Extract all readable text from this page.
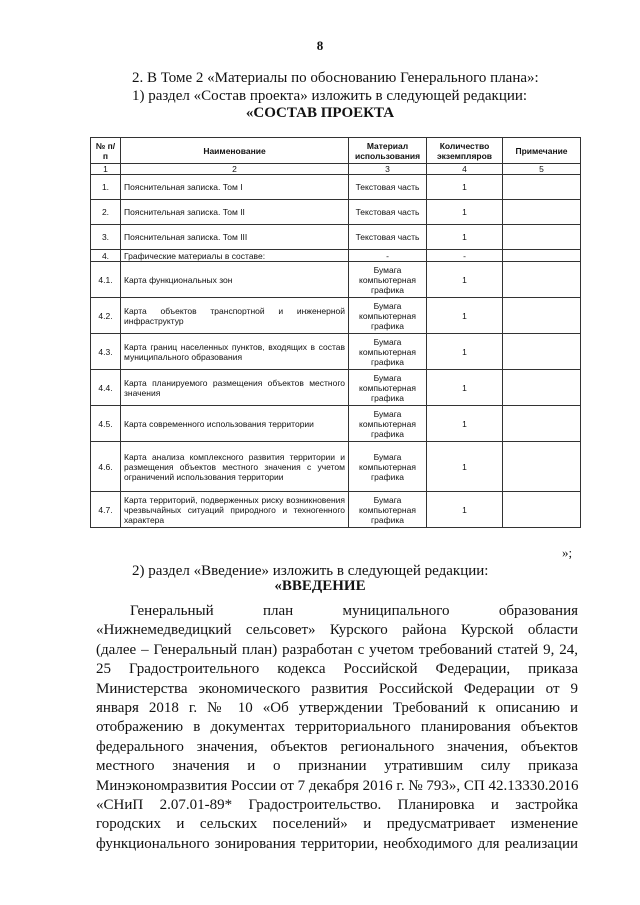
8
2. В Томе 2 «Материалы по обоснованию Генерального плана»:
1) раздел «Состав проекта» изложить в следующей редакции:
«СОСТАВ ПРОЕКТА
№ п/п	Наименование	Материал использования	Количество экземпляров	Примечание
1	2	3	4	5
1.	Пояснительная записка. Том I	Текстовая часть	1	
2.	Пояснительная записка. Том II	Текстовая часть	1	
3.	Пояснительная записка. Том III	Текстовая часть	1	
4.	Графические материалы в составе:	-	-	
4.1.	Карта функциональных зон	Бумага компьютерная графика	1	
4.2.	Карта объектов транспортной и инженерной инфраструктур	Бумага компьютерная графика	1	
4.3.	Карта границ населенных пунктов, входящих в состав муниципального образования	Бумага компьютерная графика	1	
4.4.	Карта планируемого размещения объектов местного значения	Бумага компьютерная графика	1	
4.5.	Карта современного использования территории	Бумага компьютерная графика	1	
4.6.	Карта анализа комплексного развития территории и размещения объектов местного значения с учетом ограничений использования территории	Бумага компьютерная графика	1	
4.7.	Карта территорий, подверженных риску возникновения чрезвычайных ситуаций природного и техногенного характера	Бумага компьютерная графика	1	
»;
2) раздел «Введение» изложить в следующей редакции:
«ВВЕДЕНИЕ
Генеральный план муниципального образования
«Нижнемедведицкий сельсовет» Курского района Курской области
(далее – Генеральный план) разработан с учетом требований статей 9, 24,
25 Градостроительного кодекса Российской Федерации, приказа
Министерства экономического развития Российской Федерации от 9
января 2018 г. № 10 «Об утверждении Требований к описанию и
отображению в документах территориального планирования объектов
федерального значения, объектов регионального значения, объектов
местного значения и о признании утратившим силу приказа
Минэкономразвития России от 7 декабря 2016 г. № 793», СП 42.13330.2016
«СНиП 2.07.01-89* Градостроительство. Планировка и застройка
городских и сельских поселений» и предусматривает изменение
функционального зонирования территории, необходимого для реализации
